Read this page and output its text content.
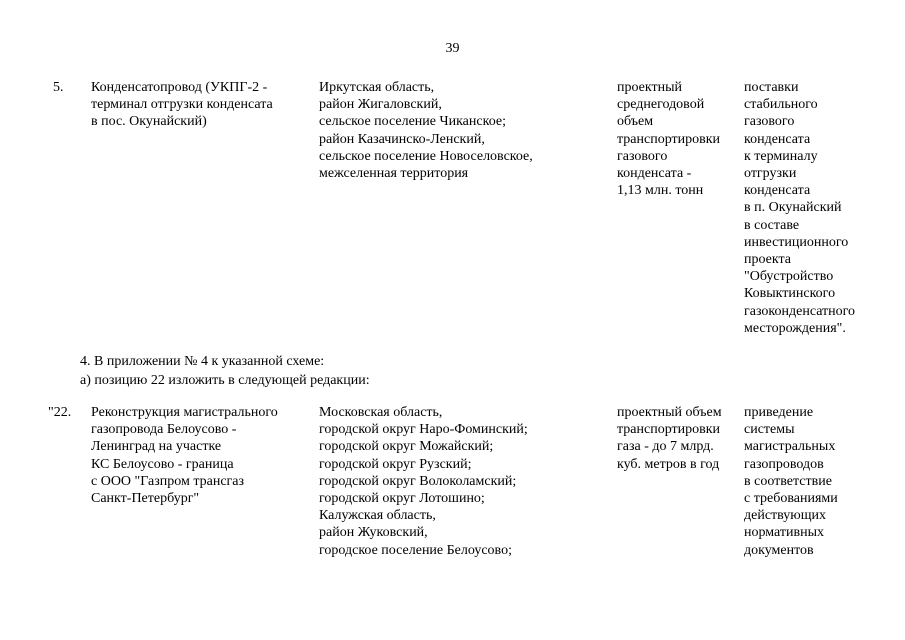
39
5. Конденсатопровод (УКПГ-2 -
терминал отгрузки конденсата
в пос. Окунайский)
Иркутская область,
район Жигаловский,
сельское поселение Чиканское;
район Казачинско-Ленский,
сельское поселение Новоселовское,
межселенная территория
проектный
среднегодовой
объем
транспортировки
газового
конденсата -
1,13 млн. тонн
поставки
стабильного
газового
конденсата
к терминалу
отгрузки
конденсата
в п. Окунайский
в составе
инвестиционного
проекта
"Обустройство
Ковыктинского
газоконденсатного
месторождения".
4. В приложении № 4 к указанной схеме:
а) позицию 22 изложить в следующей редакции:
"22. Реконструкция магистрального
газопровода Белоусово -
Ленинград на участке
КС Белоусово - граница
с ООО "Газпром трансгаз
Санкт-Петербург"
Московская область,
городской округ Наро-Фоминский;
городской округ Можайский;
городской округ Рузский;
городской округ Волоколамский;
городской округ Лотошино;
Калужская область,
район Жуковский,
городское поселение Белоусово;
проектный объем
транспортировки
газа - до 7 млрд.
куб. метров в год
приведение
системы
магистральных
газопроводов
в соответствие
с требованиями
действующих
нормативных
документов
